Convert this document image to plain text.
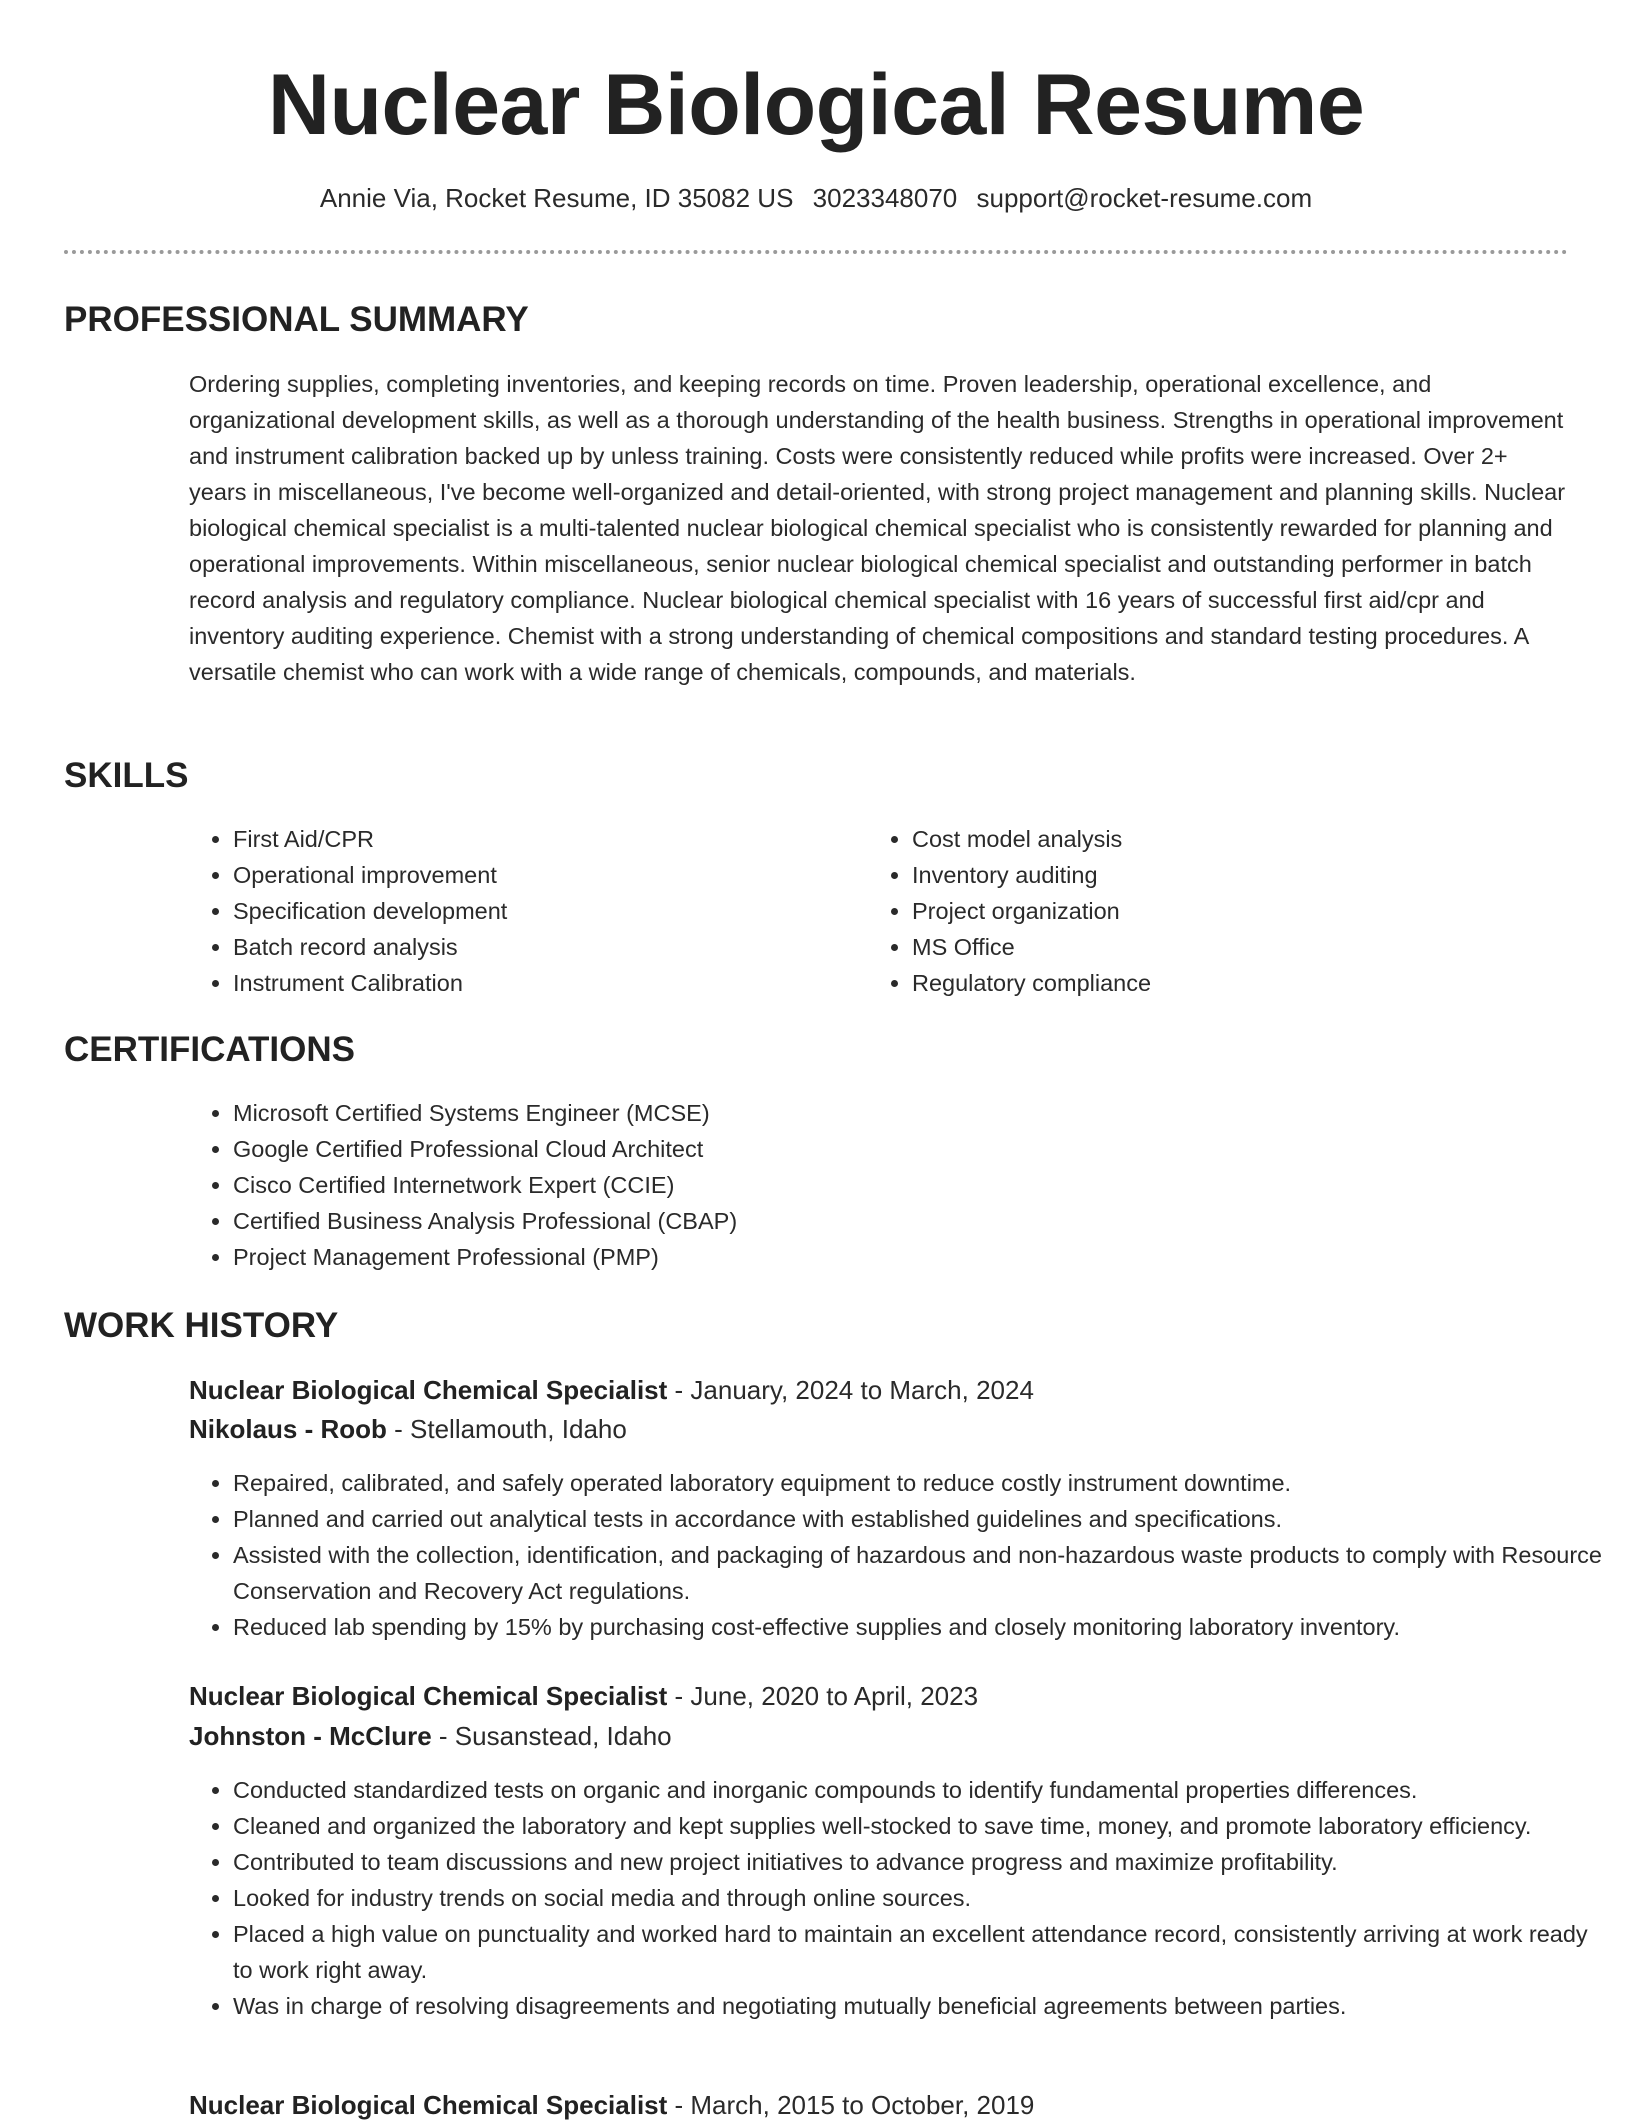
Nuclear Biological Resume
Annie Via, Rocket Resume, ID 35082 US 3023348070 support@rocket-resume.com
PROFESSIONAL SUMMARY

Ordering supplies, completing inventories, and keeping records on time. Proven leadership, operational excellence, and organizational development skills, as well as a thorough understanding of the health business. Strengths in operational improvement and instrument calibration backed up by unless training. Costs were consistently reduced while profits were increased. Over 2+ years in miscellaneous, I've become well-organized and detail-oriented, with strong project management and planning skills. Nuclear biological chemical specialist is a multi-talented nuclear biological chemical specialist who is consistently rewarded for planning and operational improvements. Within miscellaneous, senior nuclear biological chemical specialist and outstanding performer in batch record analysis and regulatory compliance. Nuclear biological chemical specialist with 16 years of successful first aid/cpr and inventory auditing experience. Chemist with a strong understanding of chemical compositions and standard testing procedures. A versatile chemist who can work with a wide range of chemicals, compounds, and materials.

SKILLS
• First Aid/CPR
• Operational improvement
• Specification development
• Batch record analysis
• Instrument Calibration
• Cost model analysis
• Inventory auditing
• Project organization
• MS Office
• Regulatory compliance
CERTIFICATIONS
• Microsoft Certified Systems Engineer (MCSE)
• Google Certified Professional Cloud Architect
• Cisco Certified Internetwork Expert (CCIE)
• Certified Business Analysis Professional (CBAP)
• Project Management Professional (PMP)
WORK HISTORY
Nuclear Biological Chemical Specialist - January, 2024 to March, 2024
Nikolaus - Roob - Stellamouth, Idaho
• Repaired, calibrated, and safely operated laboratory equipment to reduce costly instrument downtime.
• Planned and carried out analytical tests in accordance with established guidelines and specifications.
• Assisted with the collection, identification, and packaging of hazardous and non-hazardous waste products to comply with Resource Conservation and Recovery Act regulations.
• Reduced lab spending by 15% by purchasing cost-effective supplies and closely monitoring laboratory inventory.
Nuclear Biological Chemical Specialist - June, 2020 to April, 2023
Johnston - McClure - Susanstead, Idaho
• Conducted standardized tests on organic and inorganic compounds to identify fundamental properties differences.
• Cleaned and organized the laboratory and kept supplies well-stocked to save time, money, and promote laboratory efficiency.
• Contributed to team discussions and new project initiatives to advance progress and maximize profitability.
• Looked for industry trends on social media and through online sources.
• Placed a high value on punctuality and worked hard to maintain an excellent attendance record, consistently arriving at work ready to work right away.
• Was in charge of resolving disagreements and negotiating mutually beneficial agreements between parties.
Nuclear Biological Chemical Specialist - March, 2015 to October, 2019
